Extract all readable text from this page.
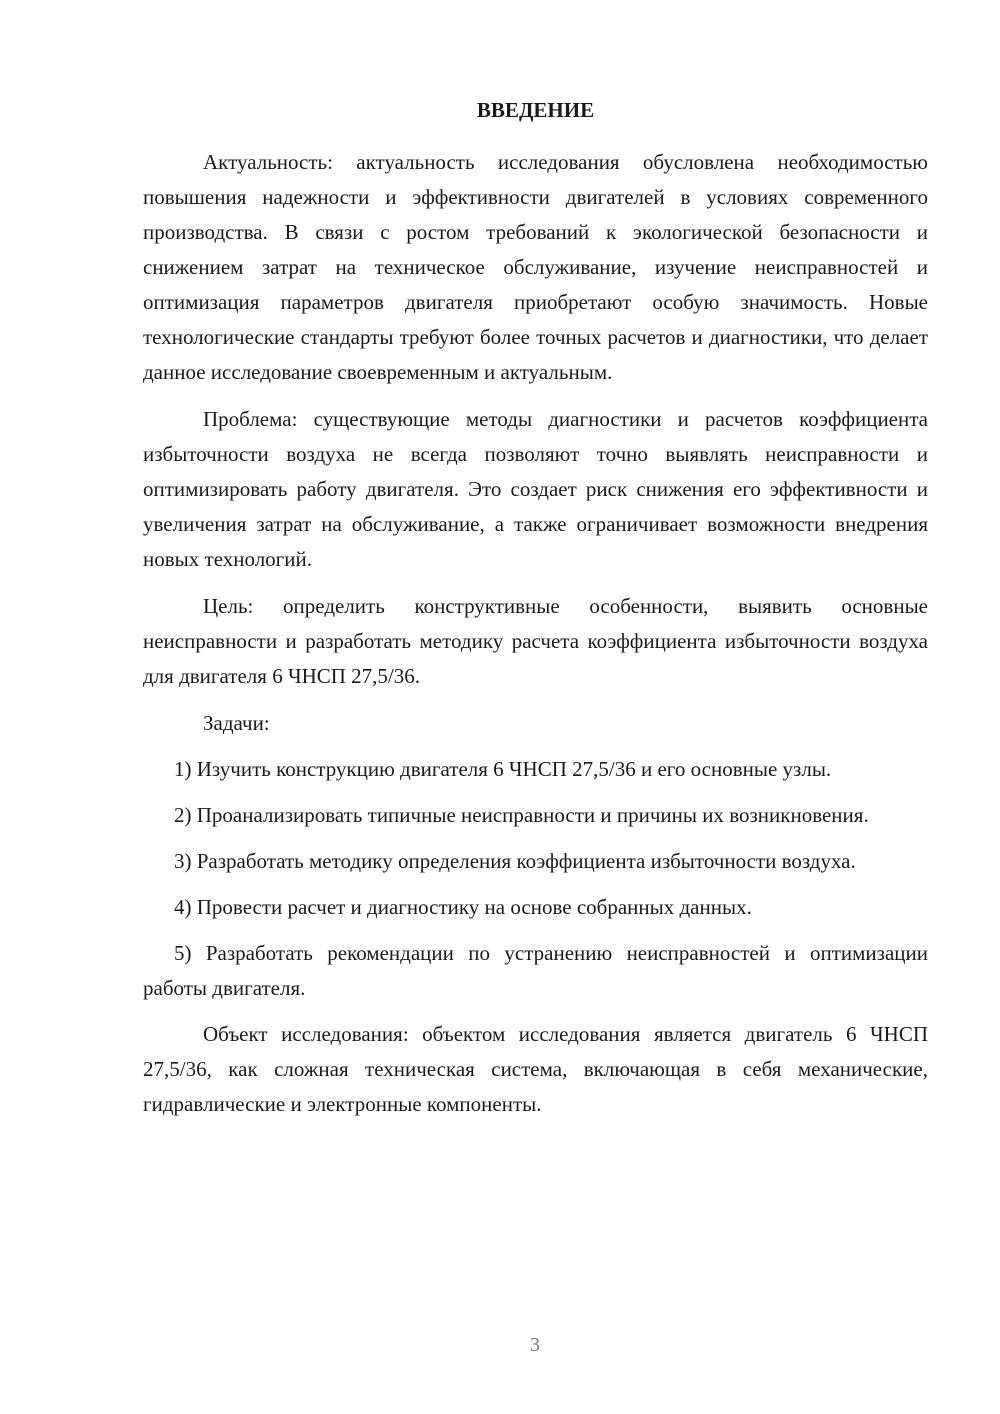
ВВЕДЕНИЕ

Актуальность: актуальность исследования обусловлена необходимостью повышения надежности и эффективности двигателей в условиях современного производства. В связи с ростом требований к экологической безопасности и снижением затрат на техническое обслуживание, изучение неисправностей и оптимизация параметров двигателя приобретают особую значимость. Новые технологические стандарты требуют более точных расчетов и диагностики, что делает данное исследование своевременным и актуальным.

Проблема: существующие методы диагностики и расчетов коэффициента избыточности воздуха не всегда позволяют точно выявлять неисправности и оптимизировать работу двигателя. Это создает риск снижения его эффективности и увеличения затрат на обслуживание, а также ограничивает возможности внедрения новых технологий.

Цель: определить конструктивные особенности, выявить основные неисправности и разработать методику расчета коэффициента избыточности воздуха для двигателя 6 ЧНСП 27,5/36.

Задачи:

1) Изучить конструкцию двигателя 6 ЧНСП 27,5/36 и его основные узлы.

2) Проанализировать типичные неисправности и причины их возникновения.

3) Разработать методику определения коэффициента избыточности воздуха.

4) Провести расчет и диагностику на основе собранных данных.

5) Разработать рекомендации по устранению неисправностей и оптимизации работы двигателя.

Объект исследования: объектом исследования является двигатель 6 ЧНСП 27,5/36, как сложная техническая система, включающая в себя механические, гидравлические и электронные компоненты.

3
